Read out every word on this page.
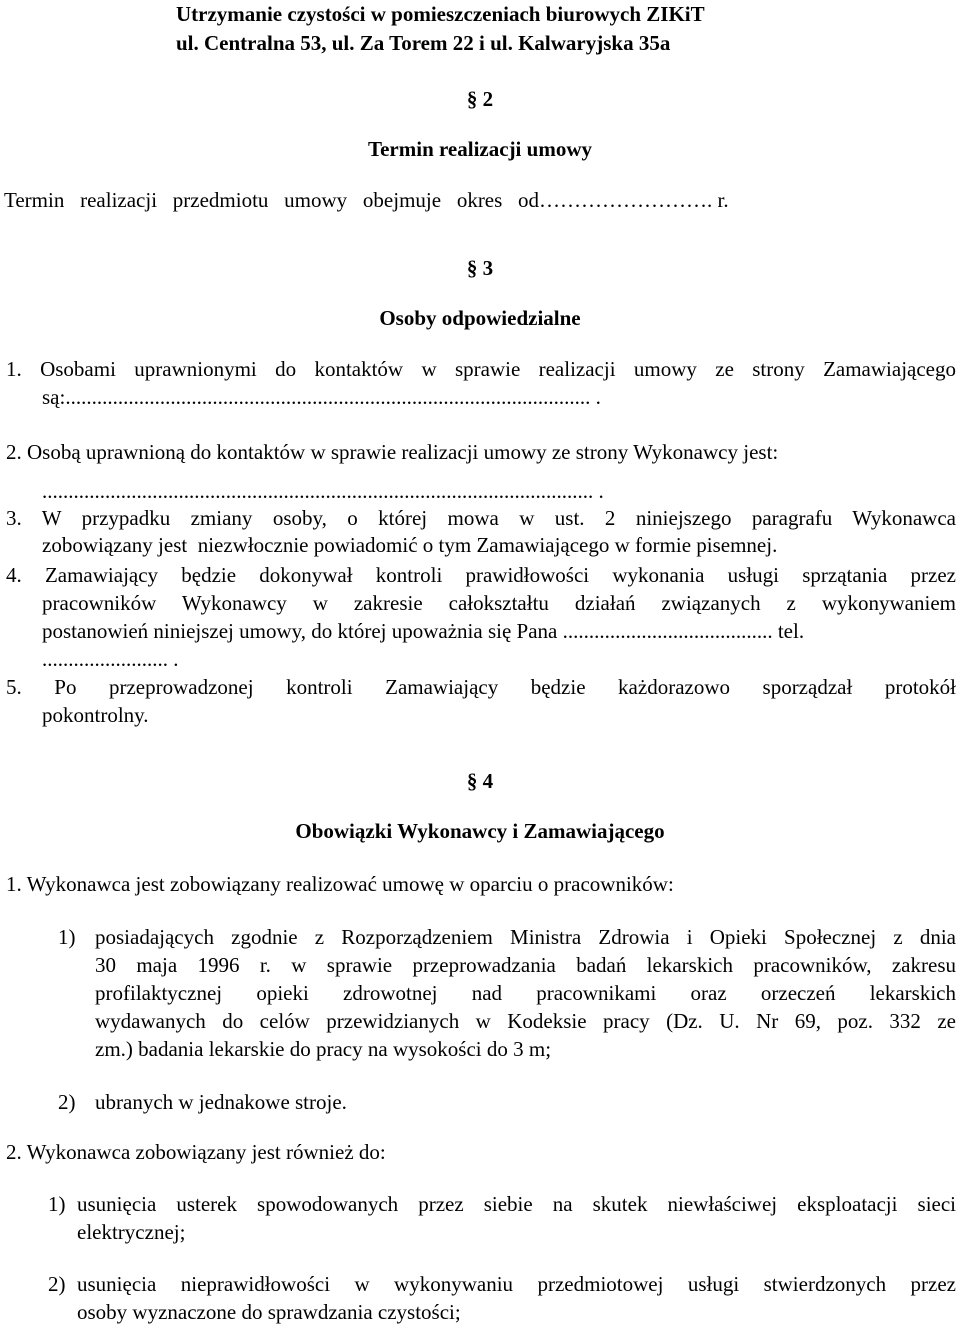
Utrzymanie czystości w pomieszczeniach biurowych ZIKiT
ul. Centralna 53, ul. Za Torem 22 i ul. Kalwaryjska 35a
§ 2
Termin realizacji umowy
Termin   realizacji   przedmiotu   umowy   obejmuje   okres   od……………………. r.
§ 3
Osoby odpowiedzialne
1. Osobami uprawnionymi do kontaktów w sprawie realizacji umowy ze strony Zamawiającego
są:.................................................................................................... .
2. Osobą uprawnioną do kontaktów w sprawie realizacji umowy ze strony Wykonawcy jest:
......................................................................................................... .
3. W przypadku zmiany osoby, o której mowa w ust. 2 niniejszego paragrafu Wykonawca
zobowiązany jest  niezwłocznie powiadomić o tym Zamawiającego w formie pisemnej.
4. Zamawiający będzie dokonywał kontroli prawidłowości wykonania usługi sprzątania przez
pracowników Wykonawcy w zakresie całokształtu działań związanych z wykonywaniem
postanowień niniejszej umowy, do której upoważnia się Pana ........................................ tel.
........................ .
5. Po przeprowadzonej kontroli Zamawiający będzie każdorazowo sporządzał protokół
pokontrolny.
§ 4
Obowiązki Wykonawcy i Zamawiającego
1. Wykonawca jest zobowiązany realizować umowę w oparciu o pracowników:
1) posiadających zgodnie z Rozporządzeniem Ministra Zdrowia i Opieki Społecznej z dnia
30 maja 1996 r. w sprawie przeprowadzania badań lekarskich pracowników, zakresu
profilaktycznej opieki zdrowotnej nad pracownikami oraz orzeczeń lekarskich
wydawanych do celów przewidzianych w Kodeksie pracy (Dz. U. Nr 69, poz. 332 ze
zm.) badania lekarskie do pracy na wysokości do 3 m;
2) ubranych w jednakowe stroje.
2. Wykonawca zobowiązany jest również do:
1) usunięcia usterek spowodowanych przez siebie na skutek niewłaściwej eksploatacji sieci
elektrycznej;
2) usunięcia nieprawidłowości w wykonywaniu przedmiotowej usługi stwierdzonych przez
osoby wyznaczone do sprawdzania czystości;
